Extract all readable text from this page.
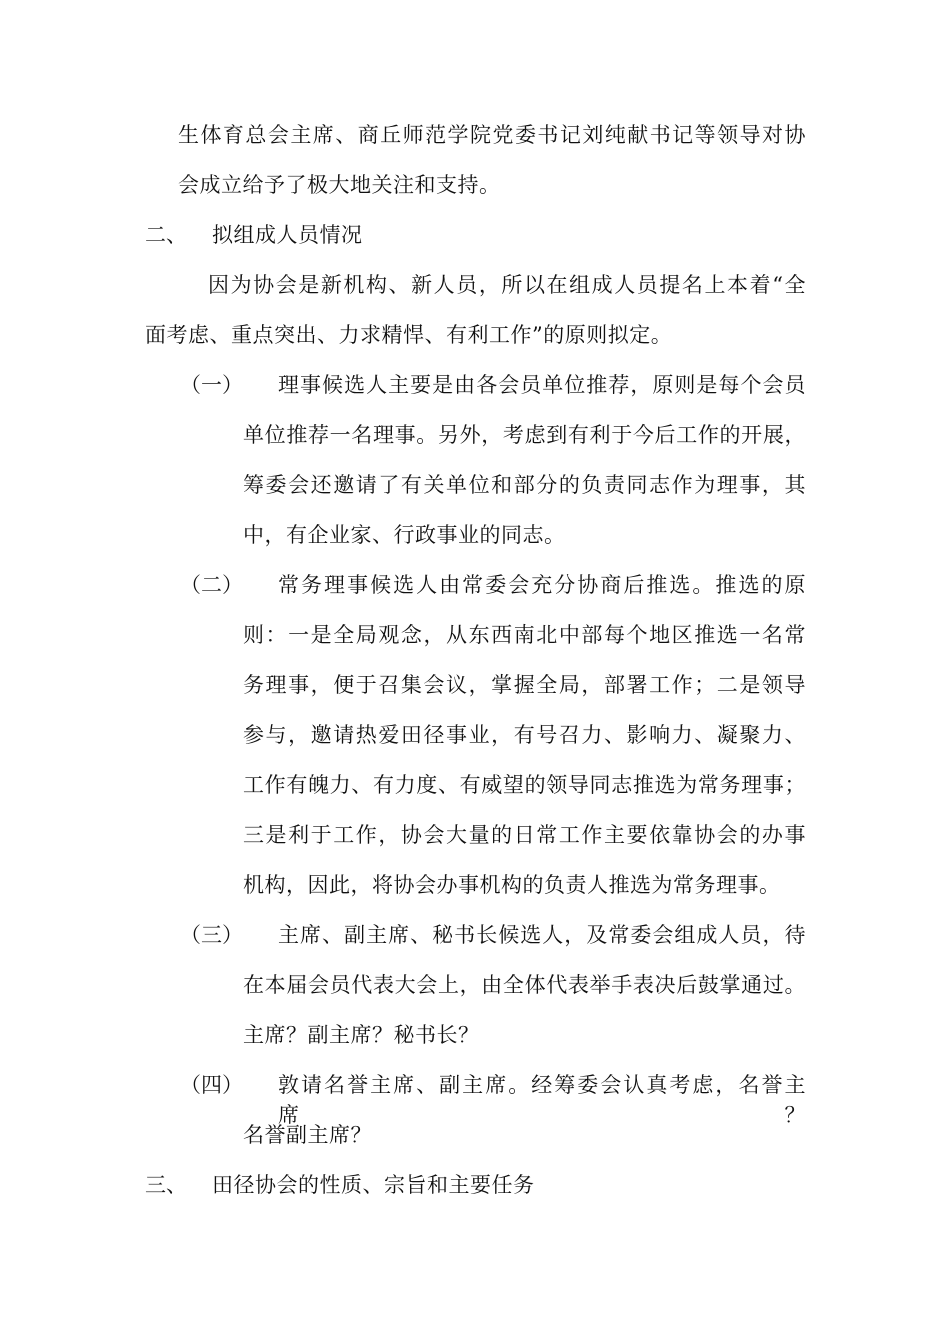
生体育总会主席、商丘师范学院党委书记刘纯献书记等领导对协
会成立给予了极大地关注和支持。
二、 拟组成人员情况
因为协会是新机构、新人员，所以在组成人员提名上本着“全
面考虑、重点突出、力求精悍、有利工作”的原则拟定。
（一） 理事候选人主要是由各会员单位推荐，原则是每个会员
单位推荐一名理事。另外，考虑到有利于今后工作的开展，
筹委会还邀请了有关单位和部分的负责同志作为理事，其
中，有企业家、行政事业的同志。
（二） 常务理事候选人由常委会充分协商后推选。推选的原
则：一是全局观念，从东西南北中部每个地区推选一名常
务理事，便于召集会议，掌握全局，部署工作；二是领导
参与，邀请热爱田径事业，有号召力、影响力、凝聚力、
工作有魄力、有力度、有威望的领导同志推选为常务理事；
三是利于工作，协会大量的日常工作主要依靠协会的办事
机构，因此，将协会办事机构的负责人推选为常务理事。
（三） 主席、副主席、秘书长候选人，及常委会组成人员，待
在本届会员代表大会上，由全体代表举手表决后鼓掌通过。
主席？副主席？秘书长？
（四） 敦请名誉主席、副主席。经筹委会认真考虑，名誉主席？
名誉副主席？
三、 田径协会的性质、宗旨和主要任务
